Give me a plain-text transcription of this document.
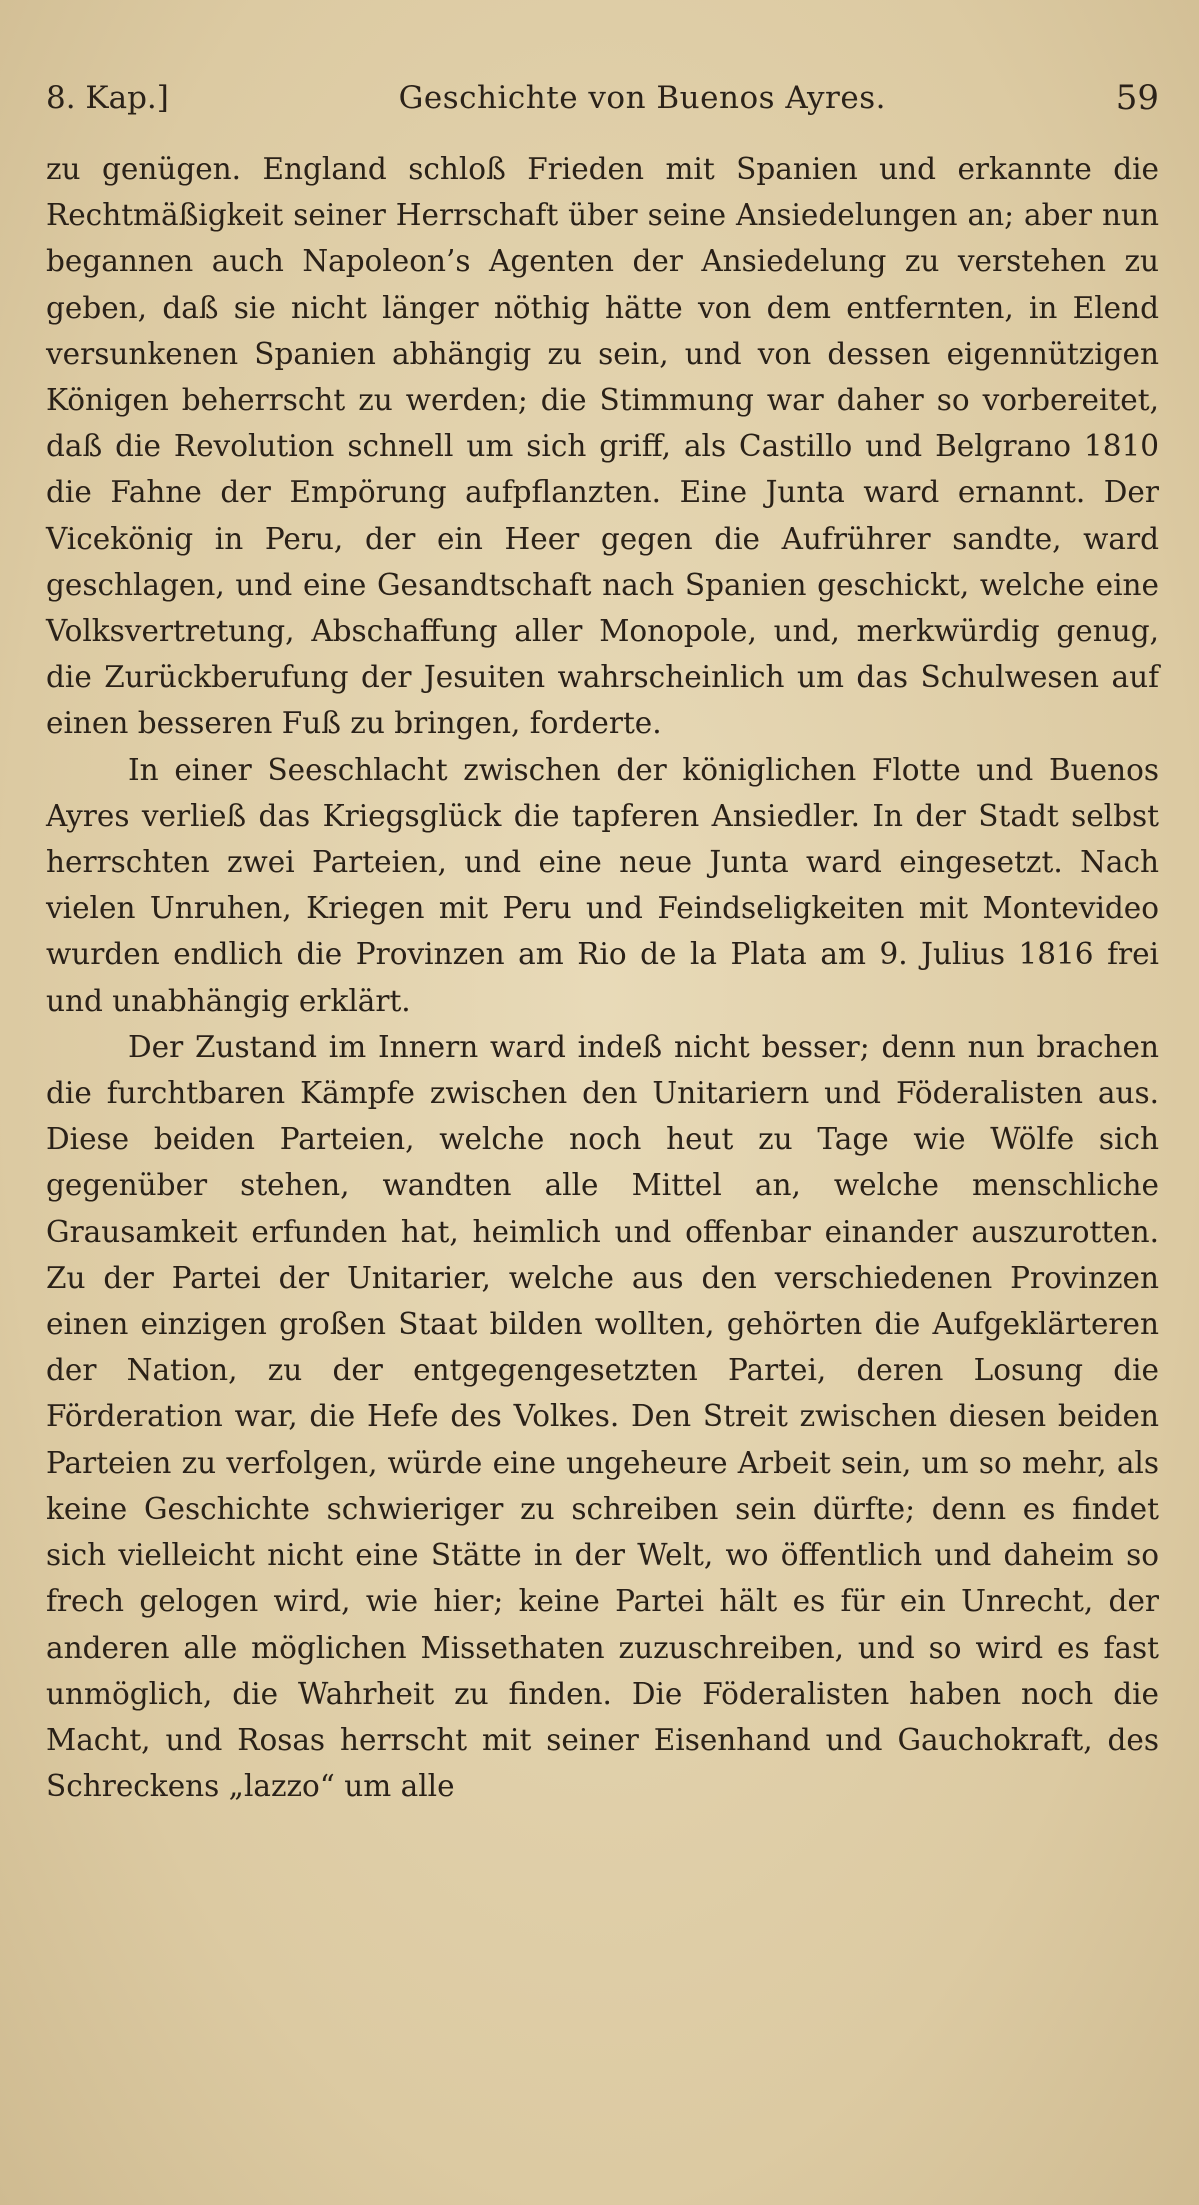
8. Kap.]	Geschichte von Buenos Ayres.	59

zu genügen. England schloß Frieden mit Spanien und erkannte die Rechtmäßigkeit seiner Herrschaft über seine Ansiedelungen an; aber nun begannen auch Napoleon’s Agenten der Ansiedelung zu verstehen zu geben, daß sie nicht länger nöthig hätte von dem entfernten, in Elend versunkenen Spanien abhängig zu sein, und von dessen eigennützigen Königen beherrscht zu werden; die Stimmung war daher so vorbereitet, daß die Revolution schnell um sich griff, als Castillo und Belgrano 1810 die Fahne der Empörung aufpflanzten. Eine Junta ward ernannt. Der Vicekönig in Peru, der ein Heer gegen die Aufrührer sandte, ward geschlagen, und eine Gesandtschaft nach Spanien geschickt, welche eine Volksvertretung, Abschaffung aller Monopole, und, merkwürdig genug, die Zurückberufung der Jesuiten wahrscheinlich um das Schulwesen auf einen besseren Fuß zu bringen, forderte.

In einer Seeschlacht zwischen der königlichen Flotte und Buenos Ayres verließ das Kriegsglück die tapferen Ansiedler. In der Stadt selbst herrschten zwei Parteien, und eine neue Junta ward eingesetzt. Nach vielen Unruhen, Kriegen mit Peru und Feindseligkeiten mit Montevideo wurden endlich die Provinzen am Rio de la Plata am 9. Julius 1816 frei und unabhängig erklärt.

Der Zustand im Innern ward indeß nicht besser; denn nun brachen die furchtbaren Kämpfe zwischen den Unitariern und Föderalisten aus. Diese beiden Parteien, welche noch heut zu Tage wie Wölfe sich gegenüber stehen, wandten alle Mittel an, welche menschliche Grausamkeit erfunden hat, heimlich und offenbar einander auszurotten. Zu der Partei der Unitarier, welche aus den verschiedenen Provinzen einen einzigen großen Staat bilden wollten, gehörten die Aufgeklärteren der Nation, zu der entgegengesetzten Partei, deren Losung die Förderation war, die Hefe des Volkes. Den Streit zwischen diesen beiden Parteien zu verfolgen, würde eine ungeheure Arbeit sein, um so mehr, als keine Geschichte schwieriger zu schreiben sein dürfte; denn es findet sich vielleicht nicht eine Stätte in der Welt, wo öffentlich und daheim so frech gelogen wird, wie hier; keine Partei hält es für ein Unrecht, der anderen alle möglichen Missethaten zuzuschreiben, und so wird es fast unmöglich, die Wahrheit zu finden. Die Föderalisten haben noch die Macht, und Rosas herrscht mit seiner Eisenhand und Gauchokraft, des Schreckens „lazzo“ um alle
